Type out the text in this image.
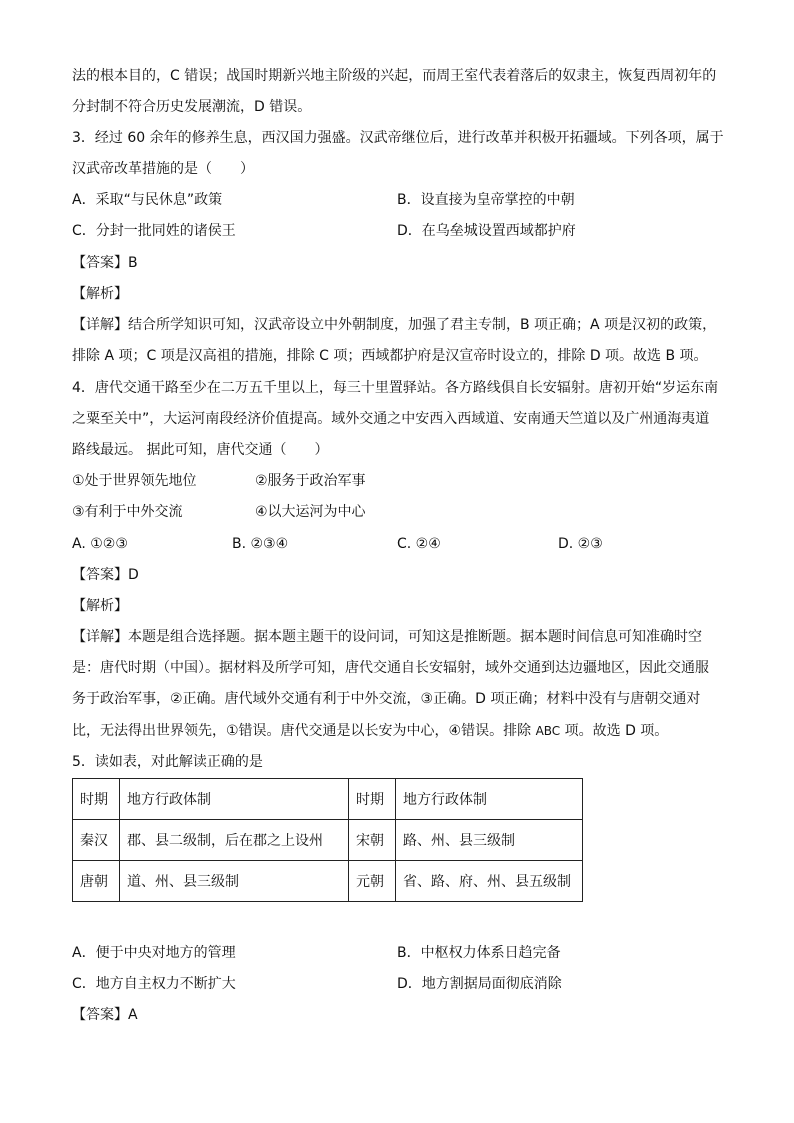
法的根本目的，C 错误；战国时期新兴地主阶级的兴起，而周王室代表着落后的奴隶主，恢复西周初年的
分封制不符合历史发展潮流，D 错误。
3．经过 60 余年的修养生息，西汉国力强盛。汉武帝继位后，进行改革并积极开拓疆域。下列各项，属于
汉武帝改革措施的是（　　）
A．采取“与民休息”政策	B．设直接为皇帝掌控的中朝
C．分封一批同姓的诸侯王	D．在乌垒城设置西域都护府
【答案】B
【解析】
【详解】结合所学知识可知，汉武帝设立中外朝制度，加强了君主专制，B 项正确；A 项是汉初的政策，
排除 A 项；C 项是汉高祖的措施，排除 C 项；西域都护府是汉宣帝时设立的，排除 D 项。故选 B 项。
4．唐代交通干路至少在二万五千里以上，每三十里置驿站。各方路线俱自长安辐射。唐初开始“岁运东南
之粟至关中”，大运河南段经济价值提高。域外交通之中安西入西域道、安南通天竺道以及广州通海夷道
路线最远。 据此可知，唐代交通（　　）
①处于世界领先地位	②服务于政治军事
③有利于中外交流	④以大运河为中心
A. ①②③	B. ②③④	C. ②④	D. ②③
【答案】D
【解析】
【详解】本题是组合选择题。据本题主题干的设问词，可知这是推断题。据本题时间信息可知准确时空
是：唐代时期（中国）。据材料及所学可知，唐代交通自长安辐射，域外交通到达边疆地区，因此交通服
务于政治军事，②正确。唐代域外交通有利于中外交流，③正确。D 项正确；材料中没有与唐朝交通对
比，无法得出世界领先，①错误。唐代交通是以长安为中心，④错误。排除 ABC 项。故选 D 项。
5．读如表，对此解读正确的是
时期	地方行政体制	时期	地方行政体制
秦汉	郡、县二级制，后在郡之上设州	宋朝	路、州、县三级制
唐朝	道、州、县三级制	元朝	省、路、府、州、县五级制
A．便于中央对地方的管理	B．中枢权力体系日趋完备
C．地方自主权力不断扩大	D．地方割据局面彻底消除
【答案】A
